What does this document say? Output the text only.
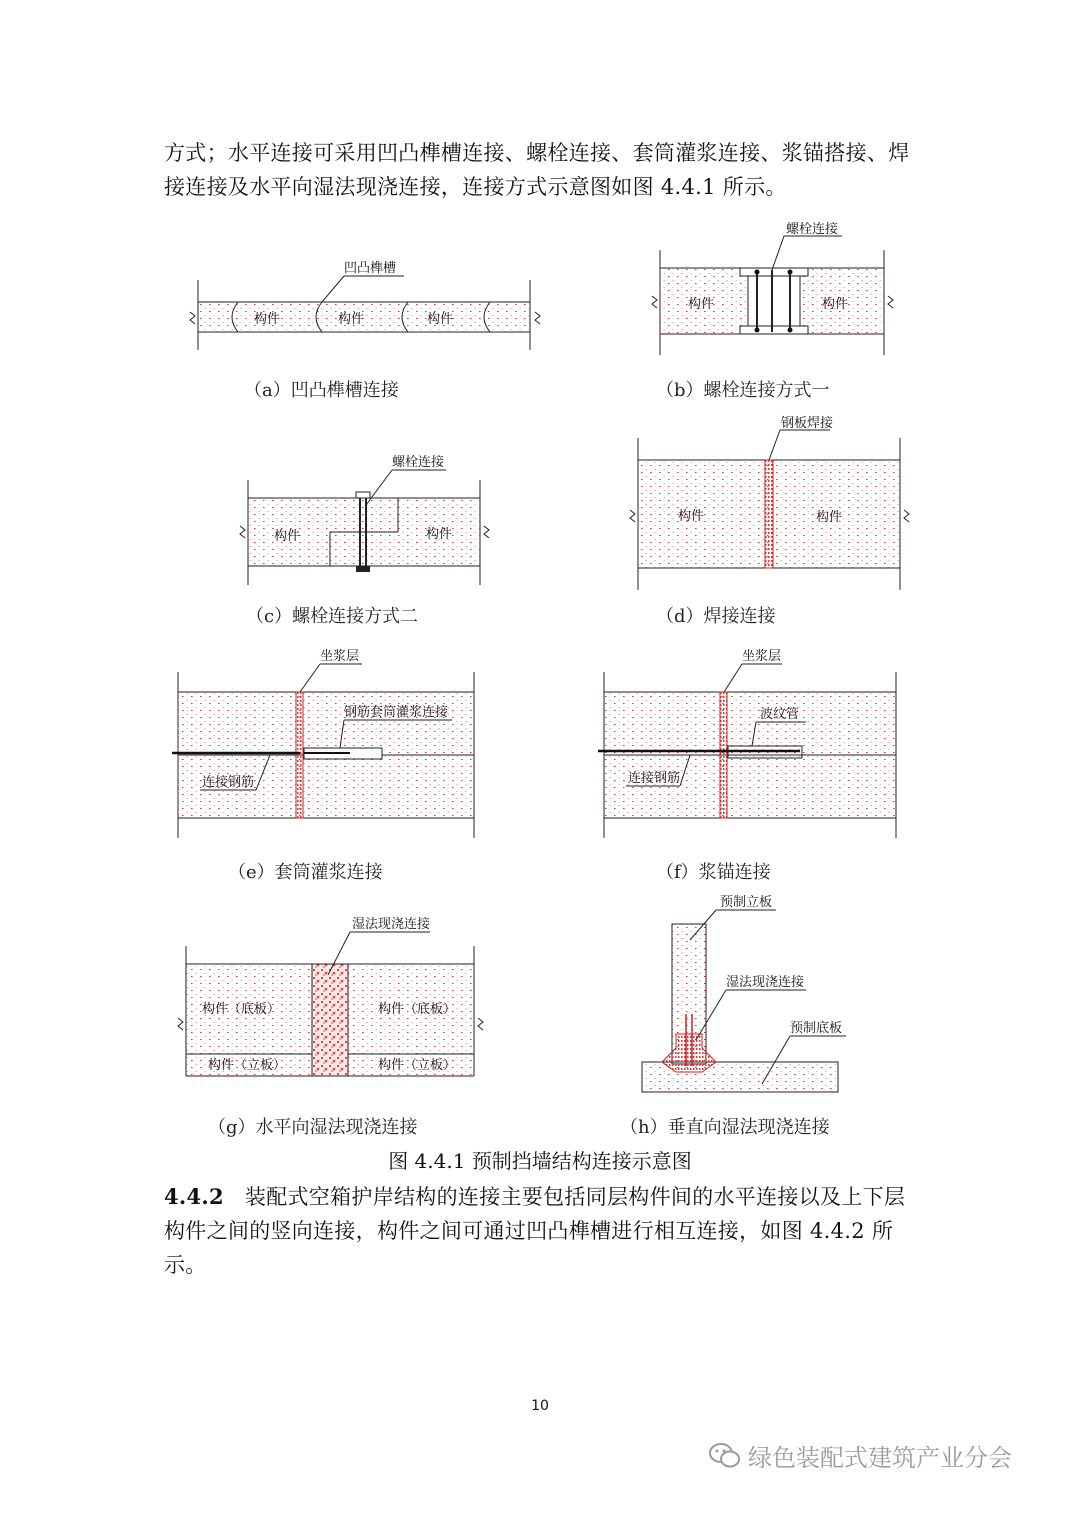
方式；水平连接可采用凹凸榫槽连接、螺栓连接、套筒灌浆连接、浆锚搭接、焊接连接及水平向湿法现浇连接，连接方式示意图如图 4.4.1 所示。

凹凸榫槽
构件	构件	构件
螺栓连接
构件	构件
螺栓连接
构件	构件
钢板焊接
构件	构件
坐浆层
钢筋套筒灌浆连接
连接钢筋
坐浆层
波纹管
连接钢筋
湿法现浇连接
构件（底板）	构件（底板）
构件（立板）	构件（立板）
预制立板
湿法现浇连接
预制底板
（a）凹凸榫槽连接	（b）螺栓连接方式一
（c）螺栓连接方式二	（d）焊接连接
（e）套筒灌浆连接	（f）浆锚连接
（g）水平向湿法现浇连接	（h）垂直向湿法现浇连接
图 4.4.1 预制挡墙结构连接示意图

4.4.2 装配式空箱护岸结构的连接主要包括同层构件间的水平连接以及上下层构件之间的竖向连接，构件之间可通过凹凸榫槽进行相互连接，如图 4.4.2 所示。

10
绿色装配式建筑产业分会
